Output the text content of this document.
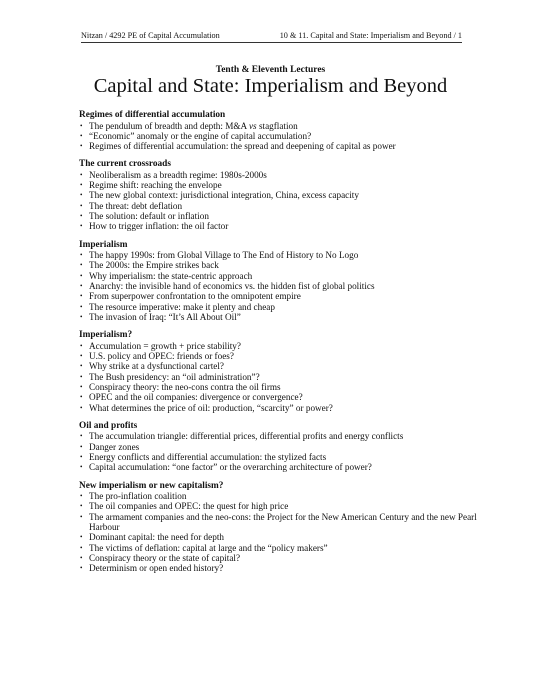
Nitzan / 4292 PE of Capital Accumulation	10 & 11. Capital and State: Imperialism and Beyond / 1
Tenth & Eleventh Lectures
Capital and State: Imperialism and Beyond
Regimes of differential accumulation
• The pendulum of breadth and depth: M&A vs stagflation
• “Economic” anomaly or the engine of capital accumulation?
• Regimes of differential accumulation: the spread and deepening of capital as power
The current crossroads
• Neoliberalism as a breadth regime: 1980s-2000s
• Regime shift: reaching the envelope
• The new global context: jurisdictional integration, China, excess capacity
• The threat: debt deflation
• The solution: default or inflation
• How to trigger inflation: the oil factor
Imperialism
• The happy 1990s: from Global Village to The End of History to No Logo
• The 2000s: the Empire strikes back
• Why imperialism: the state-centric approach
• Anarchy: the invisible hand of economics vs. the hidden fist of global politics
• From superpower confrontation to the omnipotent empire
• The resource imperative: make it plenty and cheap
• The invasion of Iraq: “It’s All About Oil”
Imperialism?
• Accumulation = growth + price stability?
• U.S. policy and OPEC: friends or foes?
• Why strike at a dysfunctional cartel?
• The Bush presidency: an “oil administration”?
• Conspiracy theory: the neo-cons contra the oil firms
• OPEC and the oil companies: divergence or convergence?
• What determines the price of oil: production, “scarcity” or power?
Oil and profits
• The accumulation triangle: differential prices, differential profits and energy conflicts
• Danger zones
• Energy conflicts and differential accumulation: the stylized facts
• Capital accumulation: “one factor” or the overarching architecture of power?
New imperialism or new capitalism?
• The pro-inflation coalition
• The oil companies and OPEC: the quest for high price
• The armament companies and the neo-cons: the Project for the New American Century and the new Pearl Harbour
• Dominant capital: the need for depth
• The victims of deflation: capital at large and the “policy makers”
• Conspiracy theory or the state of capital?
• Determinism or open ended history?
